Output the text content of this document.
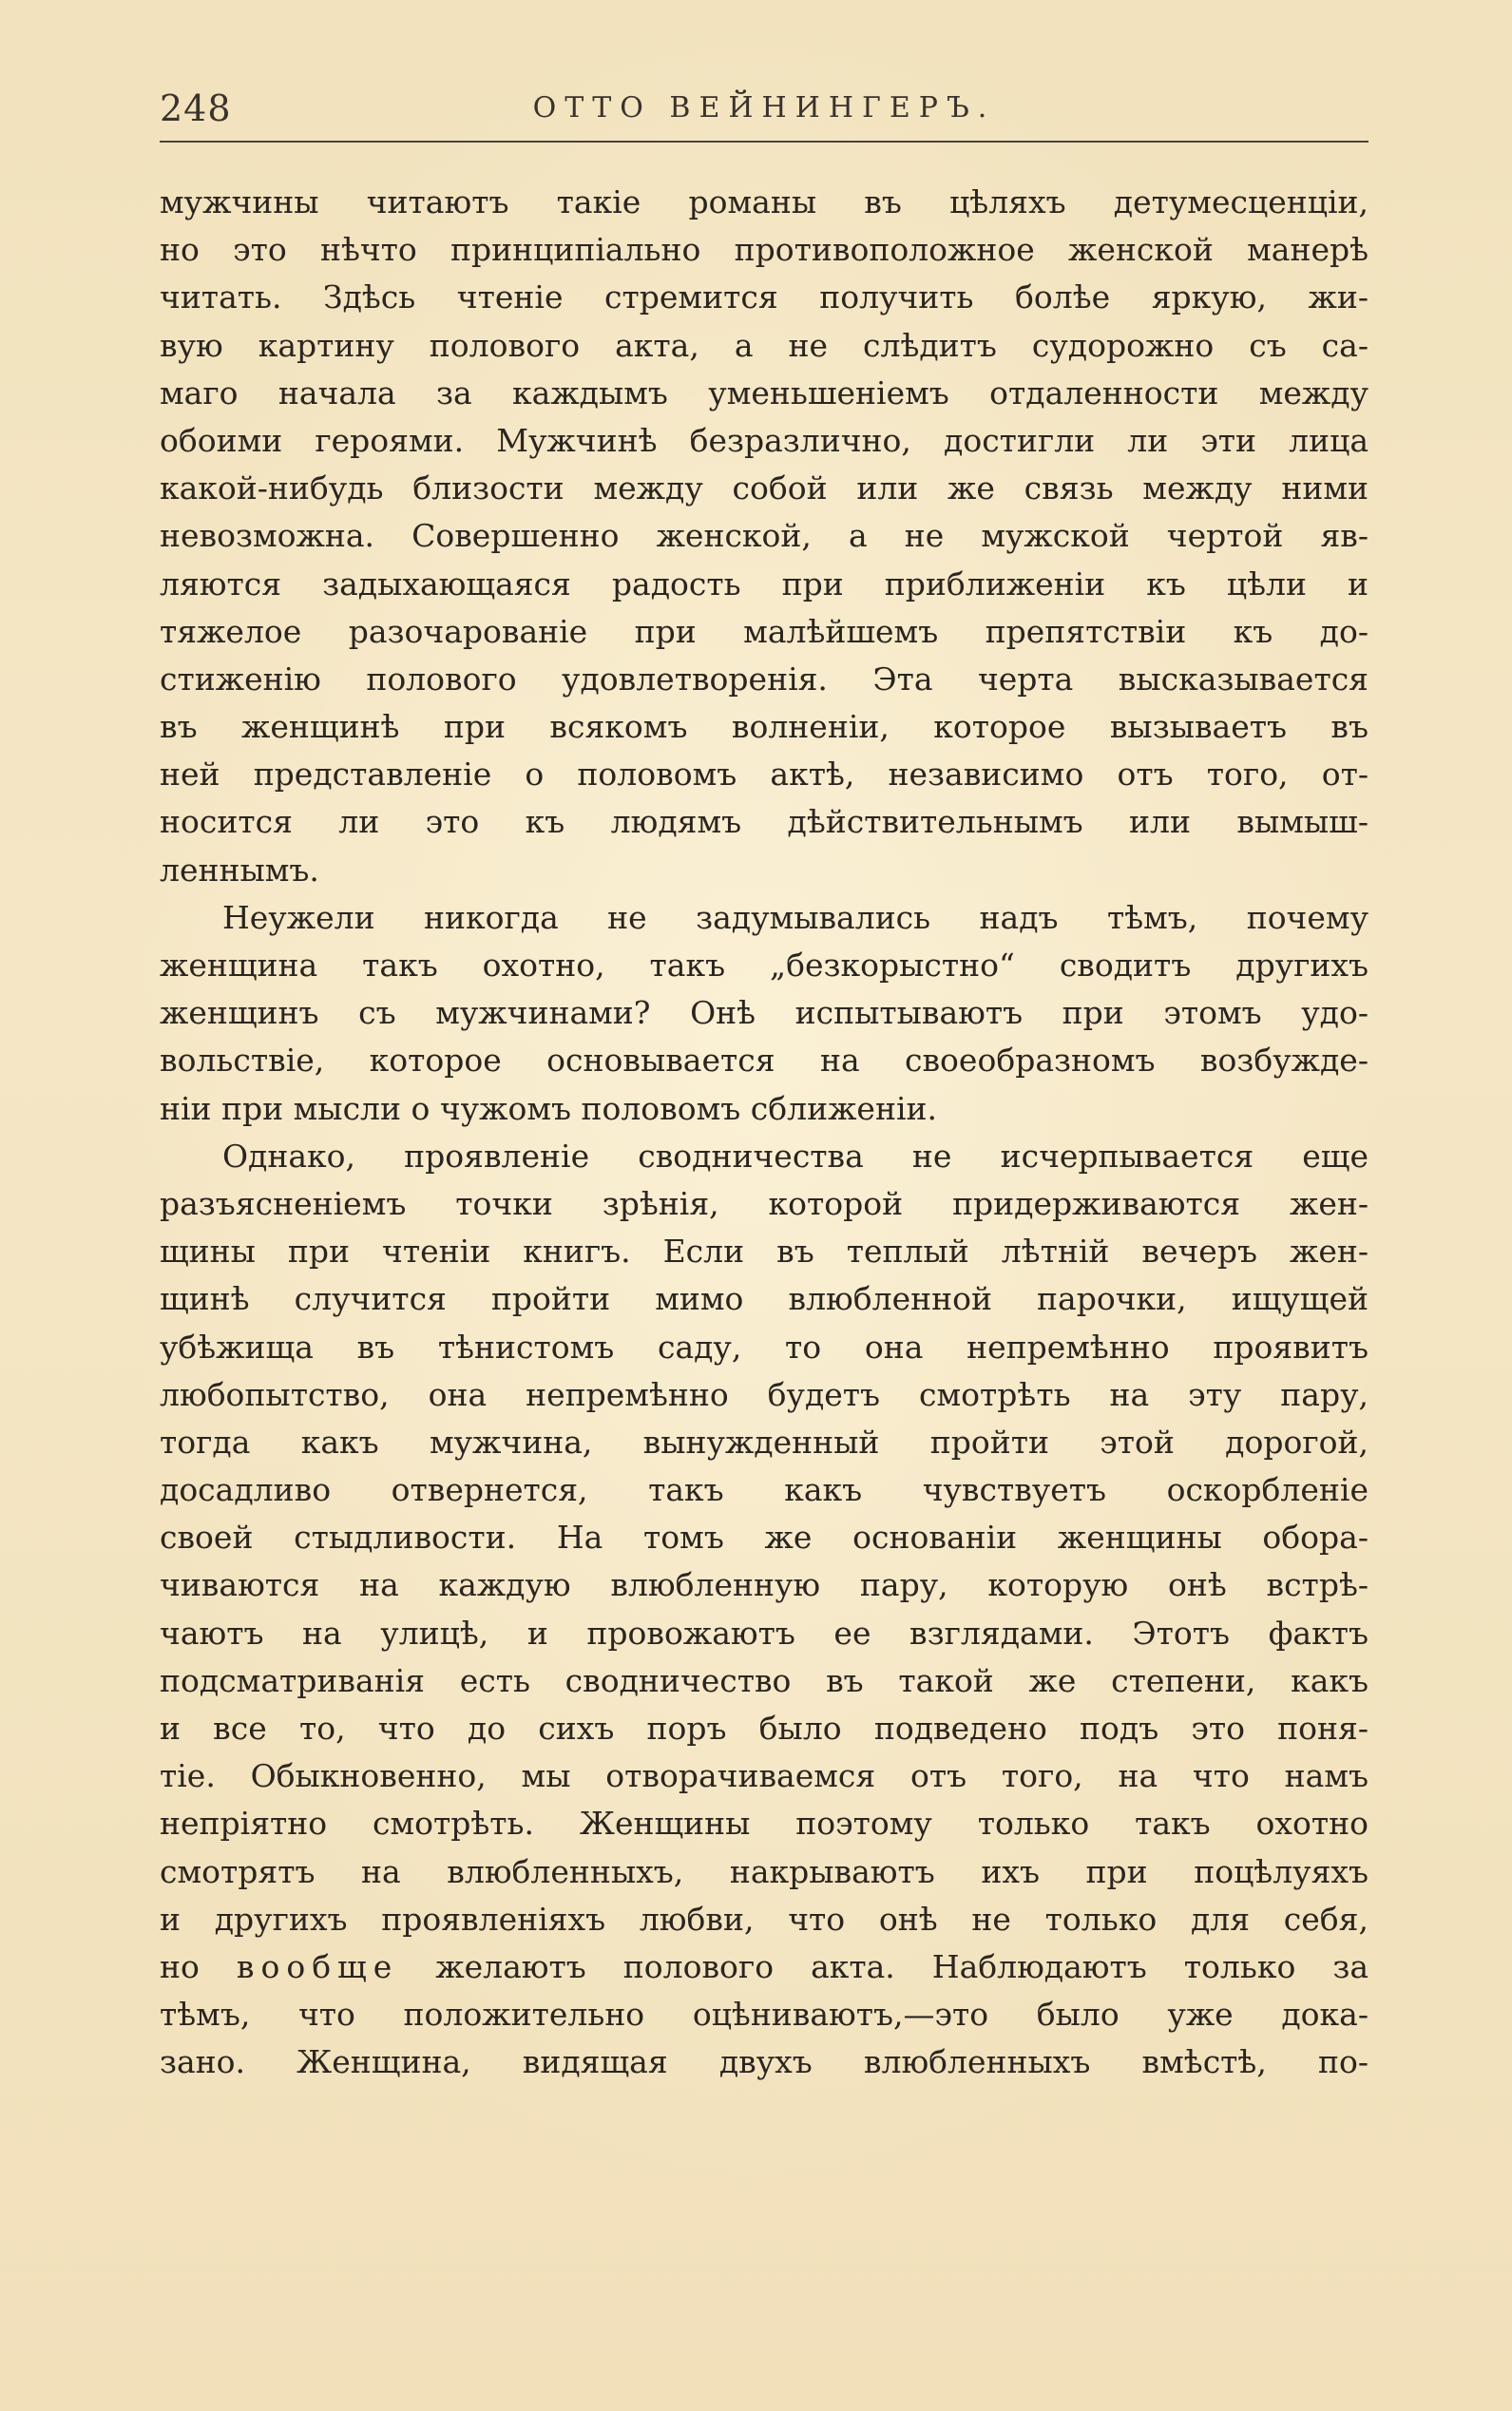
248	ОТТО ВЕЙНИНГЕРЪ.
мужчины читаютъ такіе романы въ цѣляхъ детумесценціи,
но это нѣчто принципіально противоположное женской манерѣ
читать. Здѣсь чтеніе стремится получить болѣе яркую, жи-
вую картину полового акта, а не слѣдитъ судорожно съ са-
маго начала за каждымъ уменьшеніемъ отдаленности между
обоими героями. Мужчинѣ безразлично, достигли ли эти лица
какой-нибудь близости между собой или же связь между ними
невозможна. Совершенно женской, а не мужской чертой яв-
ляются задыхающаяся радость при приближеніи къ цѣли и
тяжелое разочарованіе при малѣйшемъ препятствіи къ до-
стиженію полового удовлетворенія. Эта черта высказывается
въ женщинѣ при всякомъ волненіи, которое вызываетъ въ
ней представленіе о половомъ актѣ, независимо отъ того, от-
носится ли это къ людямъ дѣйствительнымъ или вымыш-
леннымъ.
Неужели никогда не задумывались надъ тѣмъ, почему
женщина такъ охотно, такъ „безкорыстно“ сводитъ другихъ
женщинъ съ мужчинами? Онѣ испытываютъ при этомъ удо-
вольствіе, которое основывается на своеобразномъ возбужде-
ніи при мысли о чужомъ половомъ сближеніи.
Однако, проявленіе сводничества не исчерпывается еще
разъясненіемъ точки зрѣнія, которой придерживаются жен-
щины при чтеніи книгъ. Если въ теплый лѣтній вечеръ жен-
щинѣ случится пройти мимо влюбленной парочки, ищущей
убѣжища въ тѣнистомъ саду, то она непремѣнно проявитъ
любопытство, она непремѣнно будетъ смотрѣть на эту пару,
тогда какъ мужчина, вынужденный пройти этой дорогой,
досадливо отвернется, такъ какъ чувствуетъ оскорбленіе
своей стыдливости. На томъ же основаніи женщины обора-
чиваются на каждую влюбленную пару, которую онѣ встрѣ-
чаютъ на улицѣ, и провожаютъ ее взглядами. Этотъ фактъ
подсматриванія есть сводничество въ такой же степени, какъ
и все то, что до сихъ поръ было подведено подъ это поня-
тіе. Обыкновенно, мы отворачиваемся отъ того, на что намъ
непріятно смотрѣть. Женщины поэтому только такъ охотно
смотрятъ на влюбленныхъ, накрываютъ ихъ при поцѣлуяхъ
и другихъ проявленіяхъ любви, что онѣ не только для себя,
но вообще желаютъ полового акта. Наблюдаютъ только за
тѣмъ, что положительно оцѣниваютъ,—это было уже дока-
зано. Женщина, видящая двухъ влюбленныхъ вмѣстѣ, по-
